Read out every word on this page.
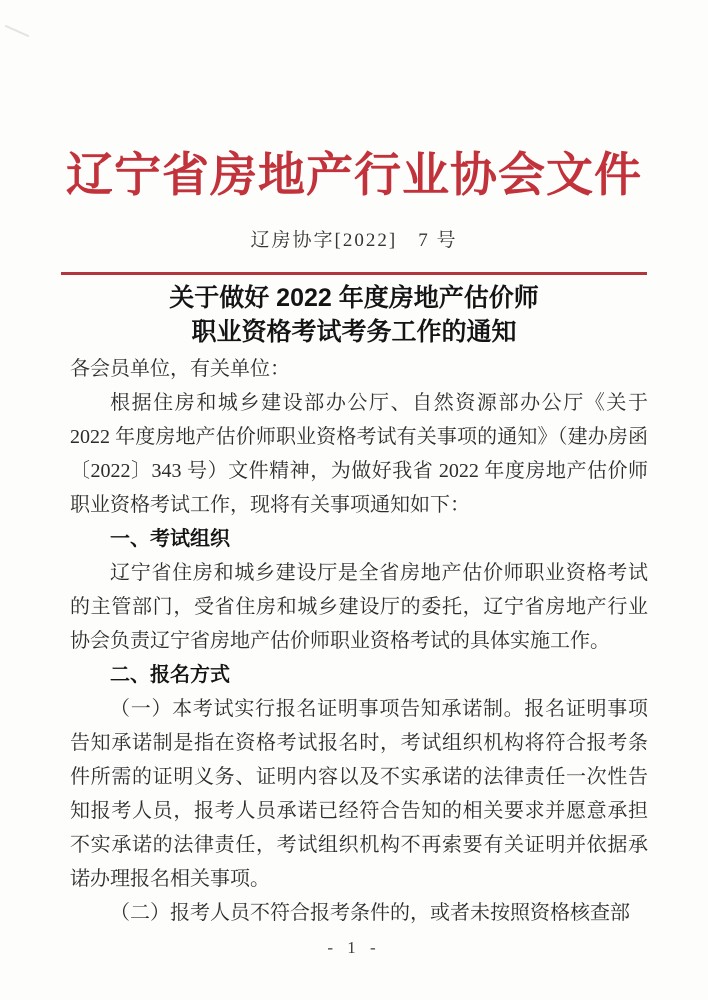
辽宁省房地产行业协会文件
辽房协字[2022]　7 号
关于做好 2022 年度房地产估价师
职业资格考试考务工作的通知
各会员单位，有关单位：

根据住房和城乡建设部办公厅、自然资源部办公厅《关于 2022 年度房地产估价师职业资格考试有关事项的通知》（建办房函〔2022〕343 号）文件精神，为做好我省 2022 年度房地产估价师职业资格考试工作，现将有关事项通知如下：

一、考试组织

辽宁省住房和城乡建设厅是全省房地产估价师职业资格考试的主管部门，受省住房和城乡建设厅的委托，辽宁省房地产行业协会负责辽宁省房地产估价师职业资格考试的具体实施工作。

二、报名方式

（一）本考试实行报名证明事项告知承诺制。报名证明事项告知承诺制是指在资格考试报名时，考试组织机构将符合报考条件所需的证明义务、证明内容以及不实承诺的法律责任一次性告知报考人员，报考人员承诺已经符合告知的相关要求并愿意承担不实承诺的法律责任，考试组织机构不再索要有关证明并依据承诺办理报名相关事项。

（二）报考人员不符合报考条件的，或者未按照资格核查部

- 1 -
